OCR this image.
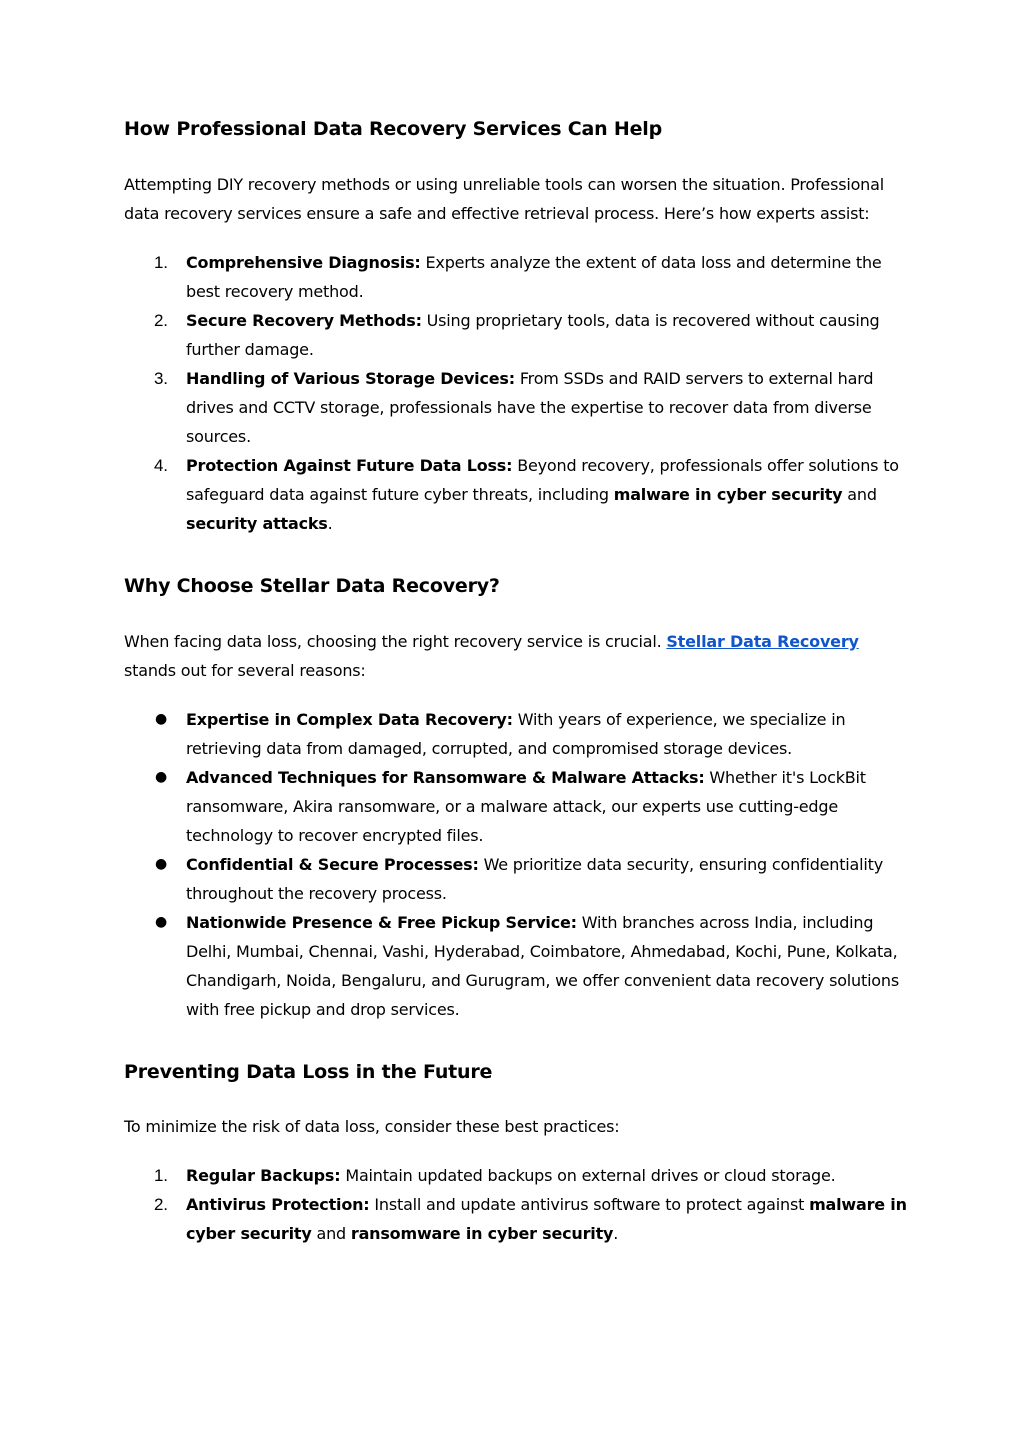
How Professional Data Recovery Services Can Help

Attempting DIY recovery methods or using unreliable tools can worsen the situation. Professional data recovery services ensure a safe and effective retrieval process. Here’s how experts assist:

1. Comprehensive Diagnosis: Experts analyze the extent of data loss and determine the best recovery method.
2. Secure Recovery Methods: Using proprietary tools, data is recovered without causing further damage.
3. Handling of Various Storage Devices: From SSDs and RAID servers to external hard drives and CCTV storage, professionals have the expertise to recover data from diverse sources.
4. Protection Against Future Data Loss: Beyond recovery, professionals offer solutions to safeguard data against future cyber threats, including malware in cyber security and security attacks.
Why Choose Stellar Data Recovery?

When facing data loss, choosing the right recovery service is crucial. Stellar Data Recovery stands out for several reasons:

● Expertise in Complex Data Recovery: With years of experience, we specialize in retrieving data from damaged, corrupted, and compromised storage devices.
● Advanced Techniques for Ransomware & Malware Attacks: Whether it's LockBit ransomware, Akira ransomware, or a malware attack, our experts use cutting-edge technology to recover encrypted files.
● Confidential & Secure Processes: We prioritize data security, ensuring confidentiality throughout the recovery process.
● Nationwide Presence & Free Pickup Service: With branches across India, including Delhi, Mumbai, Chennai, Vashi, Hyderabad, Coimbatore, Ahmedabad, Kochi, Pune, Kolkata, Chandigarh, Noida, Bengaluru, and Gurugram, we offer convenient data recovery solutions with free pickup and drop services.
Preventing Data Loss in the Future

To minimize the risk of data loss, consider these best practices:

1. Regular Backups: Maintain updated backups on external drives or cloud storage.
2. Antivirus Protection: Install and update antivirus software to protect against malware in cyber security and ransomware in cyber security.
